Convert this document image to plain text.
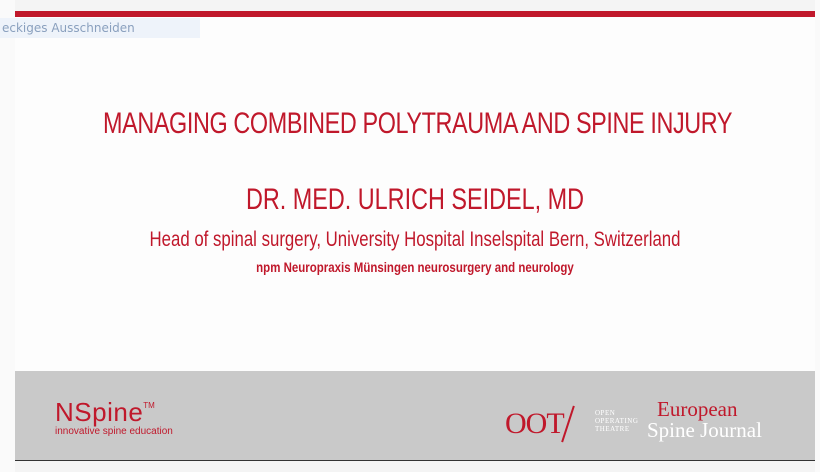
eckiges Ausschneiden
MANAGING COMBINED POLYTRAUMA AND SPINE INJURY
DR. MED. ULRICH SEIDEL, MD
Head of spinal surgery, University Hospital Inselspital Bern, Switzerland
npm Neuropraxis Münsingen neurosurgery and neurology
NSpine™
innovative spine education	OOT	OPEN
OPERATING
THEATRE
European
Spine Journal
